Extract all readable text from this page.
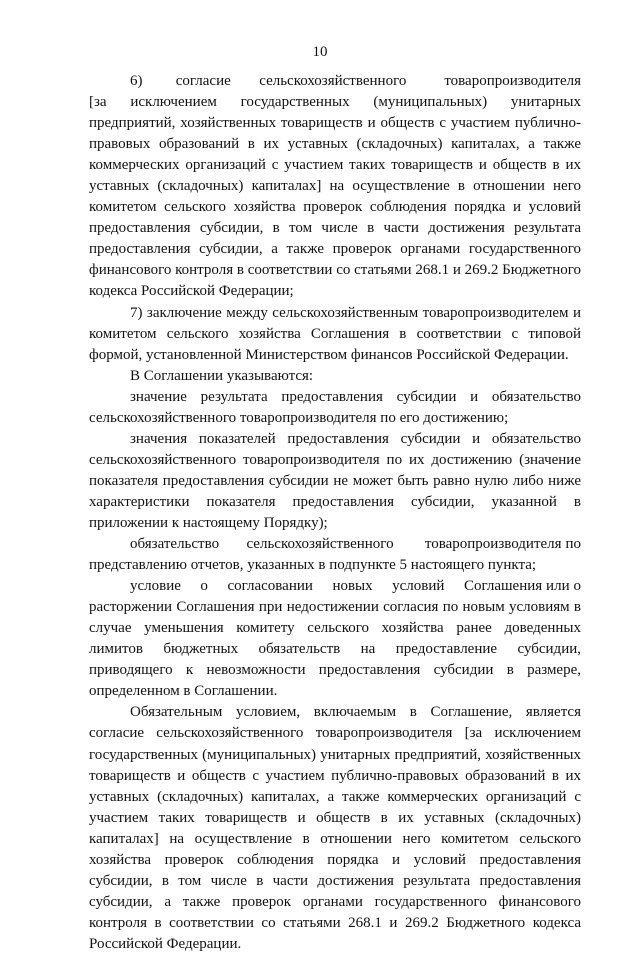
10

6)       согласие      сельскохозяйственного        товаропроизводителя [за исключением государственных (муниципальных) унитарных предприятий, хозяйственных товариществ и обществ с участием публично-правовых образований в их уставных (складочных) капиталах, а также коммерческих организаций с участием таких товариществ и обществ в их уставных (складочных) капиталах] на осуществление в отношении него комитетом сельского хозяйства проверок соблюдения порядка и условий предоставления субсидии, в том числе в части достижения результата предоставления субсидии, а также проверок органами государственного финансового контроля в соответствии со статьями 268.1 и 269.2 Бюджетного кодекса Российской Федерации;

7) заключение между сельскохозяйственным товаропроизводителем и комитетом сельского хозяйства Соглашения в соответствии с типовой формой, установленной Министерством финансов Российской Федерации.

В Соглашении указываются:

значение результата предоставления субсидии и обязательство сельскохозяйственного товаропроизводителя по его достижению;

значения показателей предоставления субсидии и обязательство сельскохозяйственного товаропроизводителя по их достижению (значение показателя предоставления субсидии не может быть равно нулю либо ниже характеристики показателя предоставления субсидии, указанной в приложении к настоящему Порядку);

обязательство       сельскохозяйственного        товаропроизводителя по представлению отчетов, указанных в подпункте 5 настоящего пункта;

условие     о     согласовании     новых     условий     Соглашения или о расторжении Соглашения при недостижении согласия по новым условиям в случае уменьшения комитету сельского хозяйства ранее доведенных лимитов бюджетных обязательств на предоставление субсидии, приводящего к невозможности предоставления субсидии в размере, определенном в Соглашении.

Обязательным условием, включаемым в Соглашение, является согласие сельскохозяйственного товаропроизводителя [за исключением государственных (муниципальных) унитарных предприятий, хозяйственных товариществ и обществ с участием публично-правовых образований в их уставных (складочных) капиталах, а также коммерческих организаций с участием таких товариществ и обществ в их уставных (складочных) капиталах] на осуществление в отношении него комитетом сельского хозяйства проверок соблюдения порядка и условий предоставления субсидии, в том числе в части достижения результата предоставления субсидии, а также проверок органами государственного финансового контроля в соответствии со статьями 268.1 и 269.2 Бюджетного кодекса Российской Федерации.
